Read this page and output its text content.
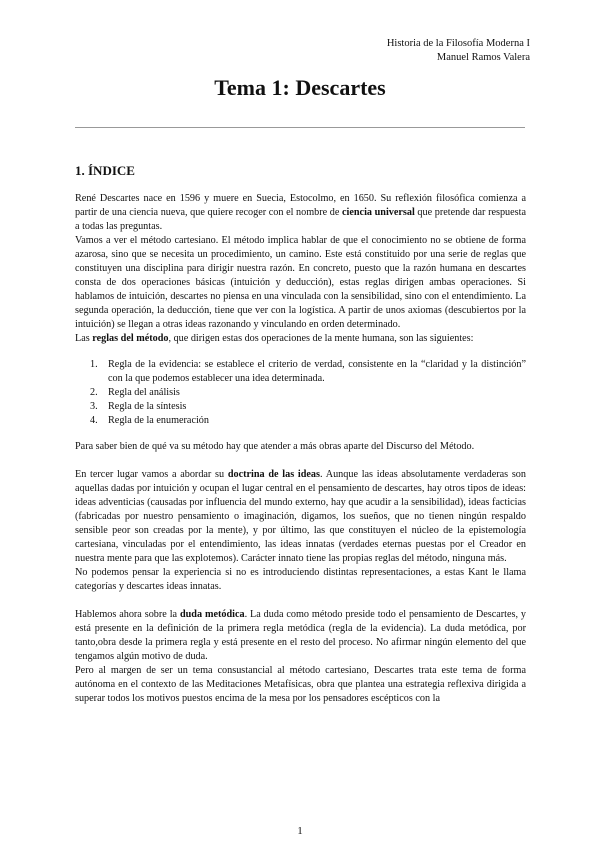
Historia de la Filosofía Moderna I
Manuel Ramos Valera
Tema 1: Descartes
1. ÍNDICE

René Descartes nace en 1596 y muere en Suecia, Estocolmo, en 1650. Su reflexión filosófica comienza a partir de una ciencia nueva, que quiere recoger con el nombre de ciencia universal que pretende dar respuesta a todas las preguntas.

Vamos a ver el método cartesiano. El método implica hablar de que el conocimiento no se obtiene de forma azarosa, sino que se necesita un procedimiento, un camino. Este está constituido por una serie de reglas que constituyen una disciplina para dirigir nuestra razón. En concreto, puesto que la razón humana en descartes consta de dos operaciones básicas (intuición y deducción), estas reglas dirigen ambas operaciones. Si hablamos de intuición, descartes no piensa en una vinculada con la sensibilidad, sino con el entendimiento. La segunda operación, la deducción, tiene que ver con la logística. A partir de unos axiomas (descubiertos por la intuición) se llegan a otras ideas razonando y vinculando en orden determinado.

Las reglas del método, que dirigen estas dos operaciones de la mente humana, son las siguientes:

1. Regla de la evidencia: se establece el criterio de verdad, consistente en la “claridad y la distinción” con la que podemos establecer una idea determinada.
2. Regla del análisis
3. Regla de la síntesis
4. Regla de la enumeración

Para saber bien de qué va su método hay que atender a más obras aparte del Discurso del Método.

En tercer lugar vamos a abordar su doctrina de las ideas. Aunque las ideas absolutamente verdaderas son aquellas dadas por intuición y ocupan el lugar central en el pensamiento de descartes, hay otros tipos de ideas: ideas adventicias (causadas por influencia del mundo externo, hay que acudir a la sensibilidad), ideas facticias (fabricadas por nuestro pensamiento o imaginación, digamos, los sueños, que no tienen ningún respaldo sensible peor son creadas por la mente), y por último, las que constituyen el núcleo de la epistemología cartesiana, vinculadas por el entendimiento, las ideas innatas (verdades eternas puestas por el Creador en nuestra mente para que las explotemos). Carácter innato tiene las propias reglas del método, ninguna más.

No podemos pensar la experiencia si no es introduciendo distintas representaciones, a estas Kant le llama categorías y descartes ideas innatas.

Hablemos ahora sobre la duda metódica. La duda como método preside todo el pensamiento de Descartes, y está presente en la definición de la primera regla metódica (regla de la evidencia). La duda metódica, por tanto,obra desde la primera regla y está presente en el resto del proceso. No afirmar ningún elemento del que tengamos algún motivo de duda.

Pero al margen de ser un tema consustancial al método cartesiano, Descartes trata este tema de forma autónoma en el contexto de las Meditaciones Metafísicas, obra que plantea una estrategia reflexiva dirigida a superar todos los motivos puestos encima de la mesa por los pensadores escépticos con la

1
